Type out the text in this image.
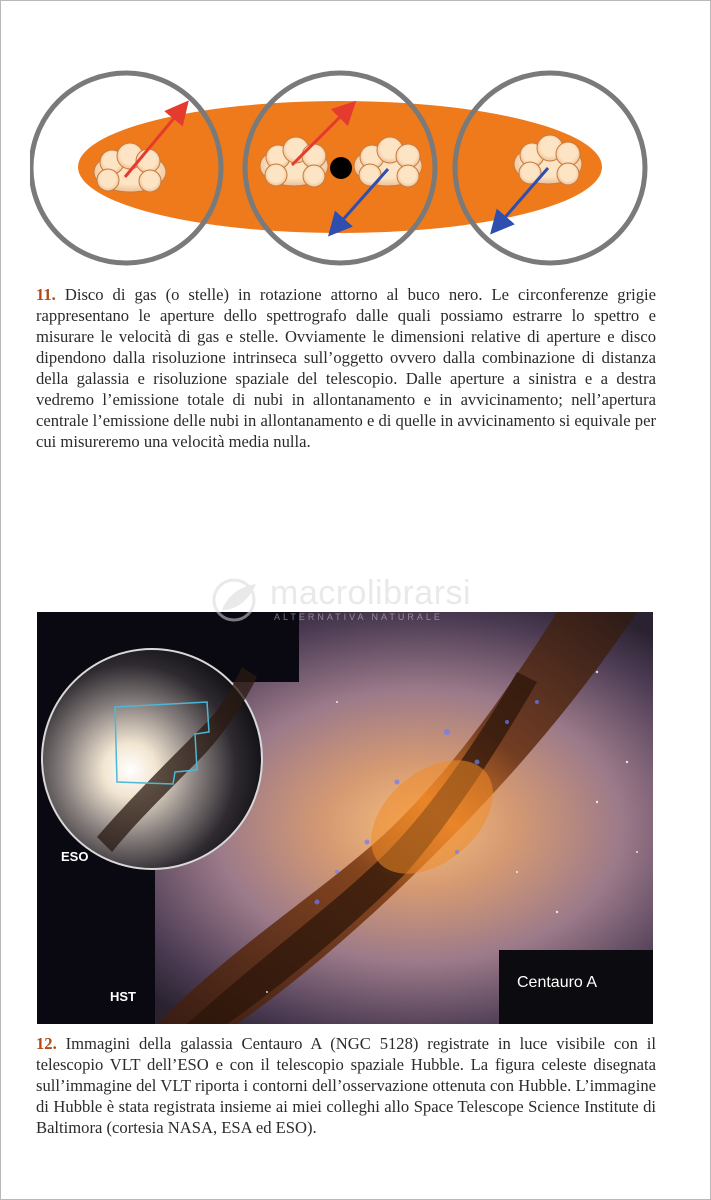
11. Disco di gas (o stelle) in rotazione attorno al buco nero. Le circonferenze grigie rappresentano le aperture dello spettrografo dalle quali possiamo estrarre lo spettro e misurare le velocità di gas e stelle. Ovviamente le dimensioni relative di aperture e disco dipendono dalla risoluzione intrinseca sull’oggetto ovvero dalla combinazione di distanza della galassia e risoluzione spaziale del telescopio. Dalle aperture a sinistra e a destra vedremo l’emissione totale di nubi in allontanamento e in avvicinamento; nell’apertura centrale l’emissione delle nubi in allontanamento e di quelle in avvicinamento si equivale per cui misureremo una velocità media nulla.
ESO
HST
Centauro A
macrolibrarsi
ALTERNATIVA NATURALE
12. Immagini della galassia Centauro A (NGC 5128) registrate in luce visibile con il telescopio VLT dell’ESO e con il telescopio spaziale Hubble. La figura celeste disegnata sull’immagine del VLT riporta i contorni dell’osservazione ottenuta con Hubble. L’immagine di Hubble è stata registrata insieme ai miei colleghi allo Space Telescope Science Institute di Baltimora (cortesia NASA, ESA ed ESO).
